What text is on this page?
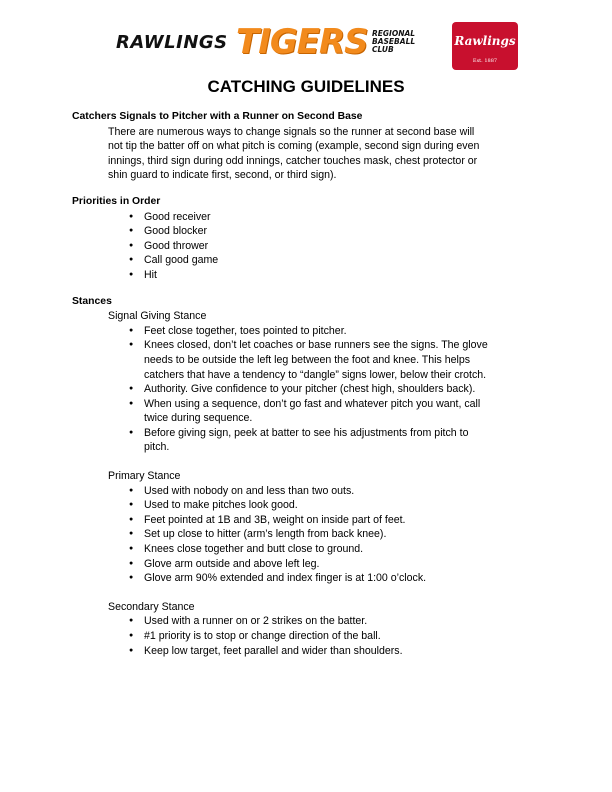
RAWLINGS TIGERS REGIONAL
BASEBALL
CLUB
Rawlings
Est. 1887
CATCHING GUIDELINES
Catchers Signals to Pitcher with a Runner on Second Base
There are numerous ways to change signals so the runner at second base will
not tip the batter off on what pitch is coming (example, second sign during even
innings, third sign during odd innings, catcher touches mask, chest protector or
shin guard to indicate first, second, or third sign).
Priorities in Order
● Good receiver
● Good blocker
● Good thrower
● Call good game
● Hit
Stances
Signal Giving Stance
● Feet close together, toes pointed to pitcher.
● Knees closed, don’t let coaches or base runners see the signs. The glove
needs to be outside the left leg between the foot and knee. This helps
catchers that have a tendency to “dangle” signs lower, below their crotch.
● Authority. Give confidence to your pitcher (chest high, shoulders back).
● When using a sequence, don’t go fast and whatever pitch you want, call
twice during sequence.
● Before giving sign, peek at batter to see his adjustments from pitch to
pitch.
Primary Stance
● Used with nobody on and less than two outs.
● Used to make pitches look good.
● Feet pointed at 1B and 3B, weight on inside part of feet.
● Set up close to hitter (arm’s length from back knee).
● Knees close together and butt close to ground.
● Glove arm outside and above left leg.
● Glove arm 90% extended and index finger is at 1:00 o’clock.
Secondary Stance
● Used with a runner on or 2 strikes on the batter.
● #1 priority is to stop or change direction of the ball.
● Keep low target, feet parallel and wider than shoulders.
